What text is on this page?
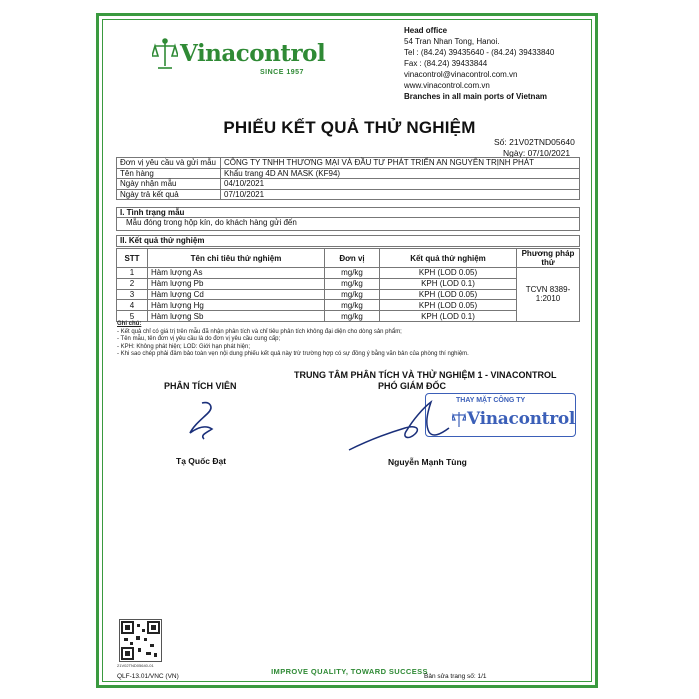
Vinacontrol
SINCE 1957
Head office
54 Tran Nhan Tong, Hanoi.
Tel : (84.24) 39435640 - (84.24) 39433840
Fax : (84.24) 39433844
vinacontrol@vinacontrol.com.vn
www.vinacontrol.com.vn
Branches in all main ports of Vietnam
PHIẾU KẾT QUẢ THỬ NGHIỆM
Số: 21V02TND05640
Ngày: 07/10/2021
Đơn vị yêu cầu và gửi mẫu	CÔNG TY TNHH THƯƠNG MẠI VÀ ĐẦU TƯ PHÁT TRIỂN AN NGUYÊN TRỊNH PHÁT
Tên hàng	Khẩu trang 4D AN MASK (KF94)
Ngày nhận mẫu	04/10/2021
Ngày trả kết quả	07/10/2021
I. Tình trạng mẫu
Mẫu đóng trong hộp kín, do khách hàng gửi đến
II. Kết quả thử nghiệm
STT	Tên chỉ tiêu thử nghiệm	Đơn vị	Kết quả thử nghiệm	Phương pháp thử
1	Hàm lượng As	mg/kg	KPH (LOD 0.05)	TCVN 8389-1:2010
2	Hàm lượng Pb	mg/kg	KPH (LOD 0.1)	
3	Hàm lượng Cd	mg/kg	KPH (LOD 0.05)	
4	Hàm lượng Hg	mg/kg	KPH (LOD 0.05)	
5	Hàm lượng Sb	mg/kg	KPH (LOD 0.1)	
Ghi chú:
- Kết quả chỉ có giá trị trên mẫu đã nhận phân tích và chỉ tiêu phân tích không đại diện cho dòng sản phẩm;
- Tên mẫu, tên đơn vị yêu cầu là do đơn vị yêu cầu cung cấp;
- KPH: Không phát hiện; LOD: Giới hạn phát hiện;
- Khi sao chép phải đảm bảo toàn vẹn nội dung phiếu kết quả này trừ trường hợp có sự đồng ý bằng văn bản của phòng thí nghiệm.
PHÂN TÍCH VIÊN
TRUNG TÂM PHÂN TÍCH VÀ THỬ NGHIỆM 1 - VINACONTROL
PHÓ GIÁM ĐỐC
THAY MẶT CÔNG TY
Vinacontrol
Tạ Quốc Đạt	Nguyễn Mạnh Tùng
21V02TND05640-01
QLF-13.01/VNC (VN)
IMPROVE QUALITY, TOWARD SUCCESS
Bản sửa trang số: 1/1
